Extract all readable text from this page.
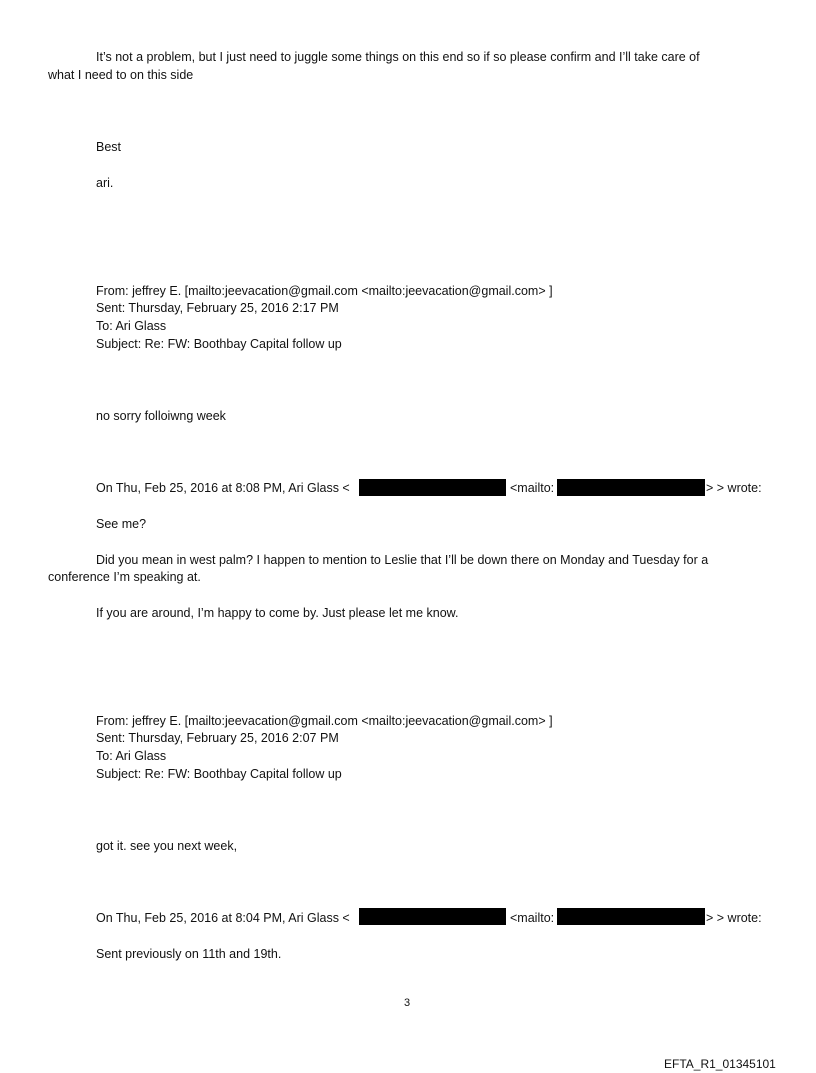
It’s not a problem, but I just need to juggle some things on this end so if so please confirm and I’ll take care of
what I need to on this side
Best
ari.
From: jeffrey E. [mailto:jeevacation@gmail.com <mailto:jeevacation@gmail.com> ]
Sent: Thursday, February 25, 2016 2:17 PM
To: Ari Glass
Subject: Re: FW: Boothbay Capital follow up
no sorry folloiwng week
On Thu, Feb 25, 2016 at 8:08 PM, Ari Glass <	<mailto:	> > wrote:
See me?
Did you mean in west palm? I happen to mention to Leslie that I’ll be down there on Monday and Tuesday for a
conference I’m speaking at.
If you are around, I’m happy to come by. Just please let me know.
From: jeffrey E. [mailto:jeevacation@gmail.com <mailto:jeevacation@gmail.com> ]
Sent: Thursday, February 25, 2016 2:07 PM
To: Ari Glass
Subject: Re: FW: Boothbay Capital follow up
got it. see you next week,
On Thu, Feb 25, 2016 at 8:04 PM, Ari Glass <	<mailto:	> > wrote:
Sent previously on 11th and 19th.
3
EFTA_R1_01345101
